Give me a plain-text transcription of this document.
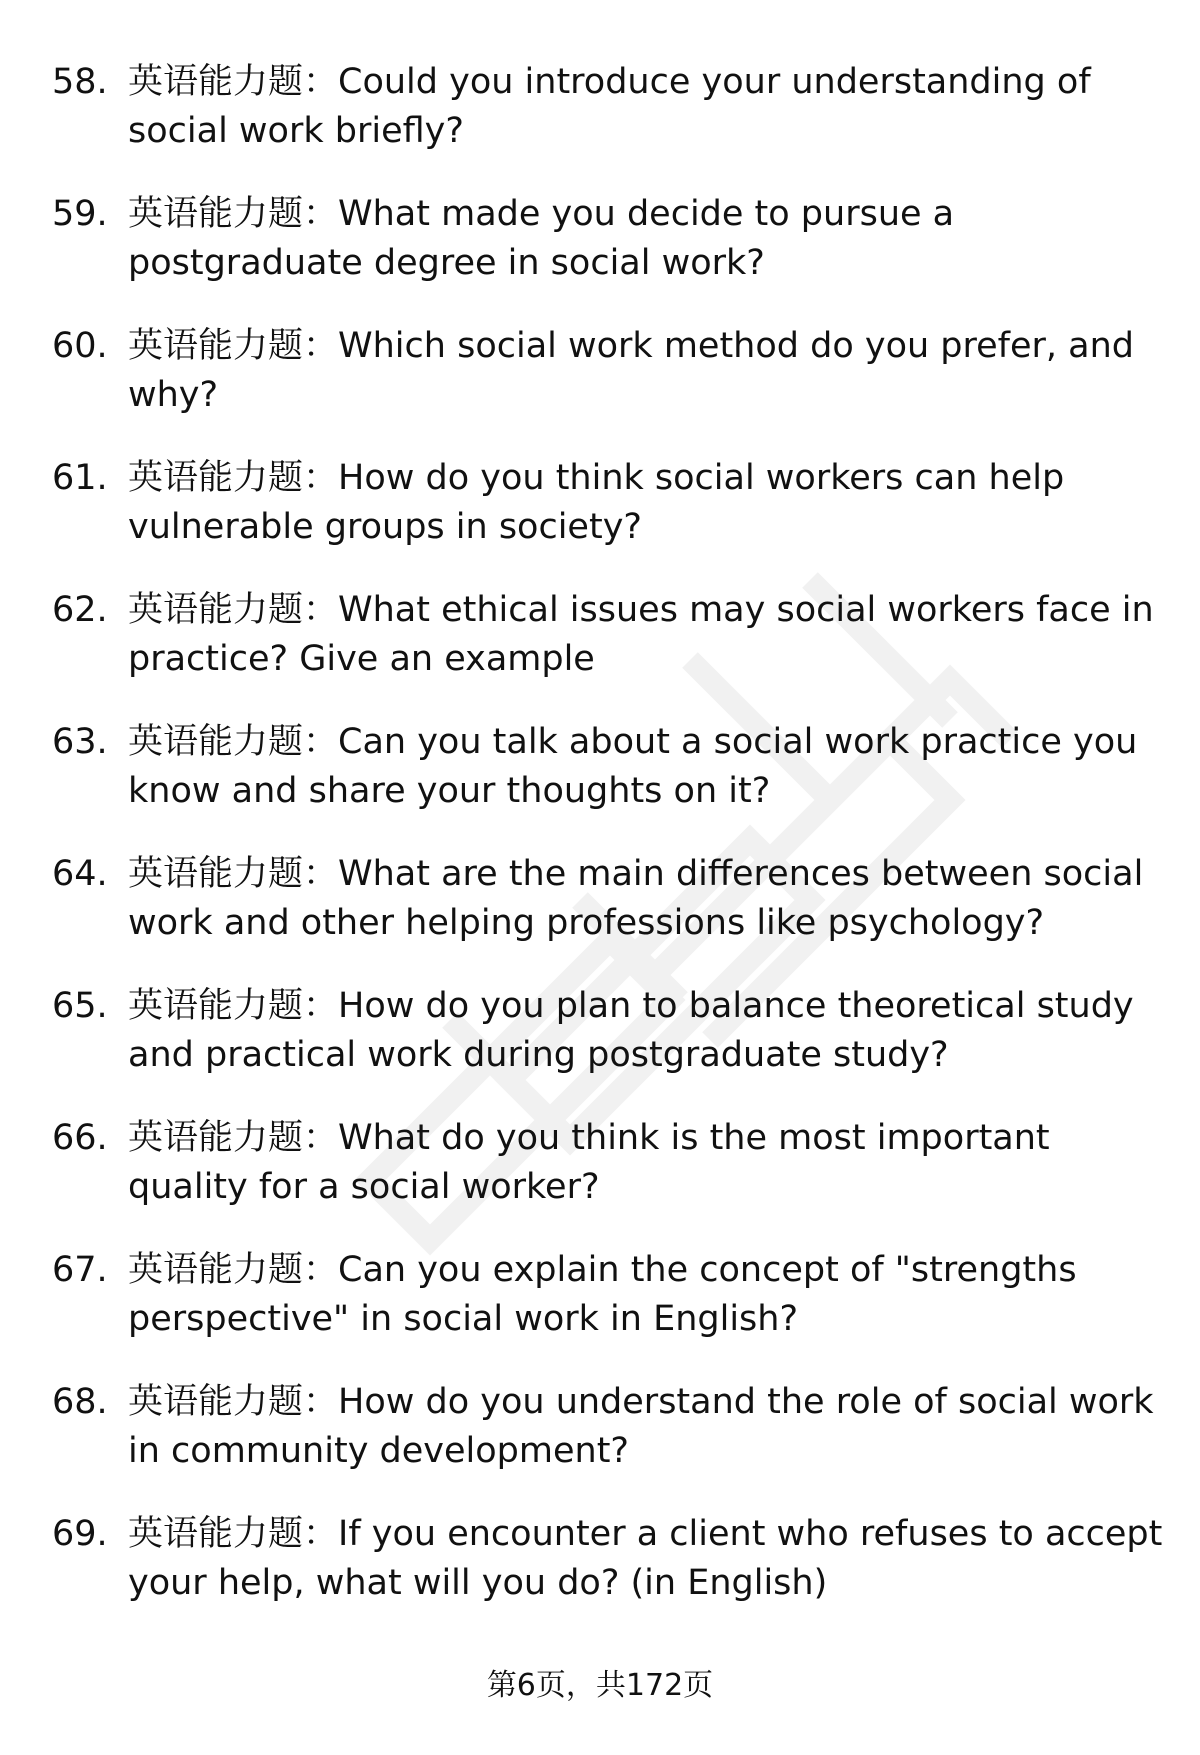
58. 英语能力题：Could you introduce your understanding of
social work briefly?
59. 英语能力题：What made you decide to pursue a
postgraduate degree in social work?
60. 英语能力题：Which social work method do you prefer, and
why?
61. 英语能力题：How do you think social workers can help
vulnerable groups in society?
62. 英语能力题：What ethical issues may social workers face in
practice? Give an example
63. 英语能力题：Can you talk about a social work practice you
know and share your thoughts on it?
64. 英语能力题：What are the main differences between social
work and other helping professions like psychology?
65. 英语能力题：How do you plan to balance theoretical study
and practical work during postgraduate study?
66. 英语能力题：What do you think is the most important
quality for a social worker?
67. 英语能力题：Can you explain the concept of "strengths
perspective" in social work in English?
68. 英语能力题：How do you understand the role of social work
in community development?
69. 英语能力题：If you encounter a client who refuses to accept
your help, what will you do? (in English)
第6页，共172页
